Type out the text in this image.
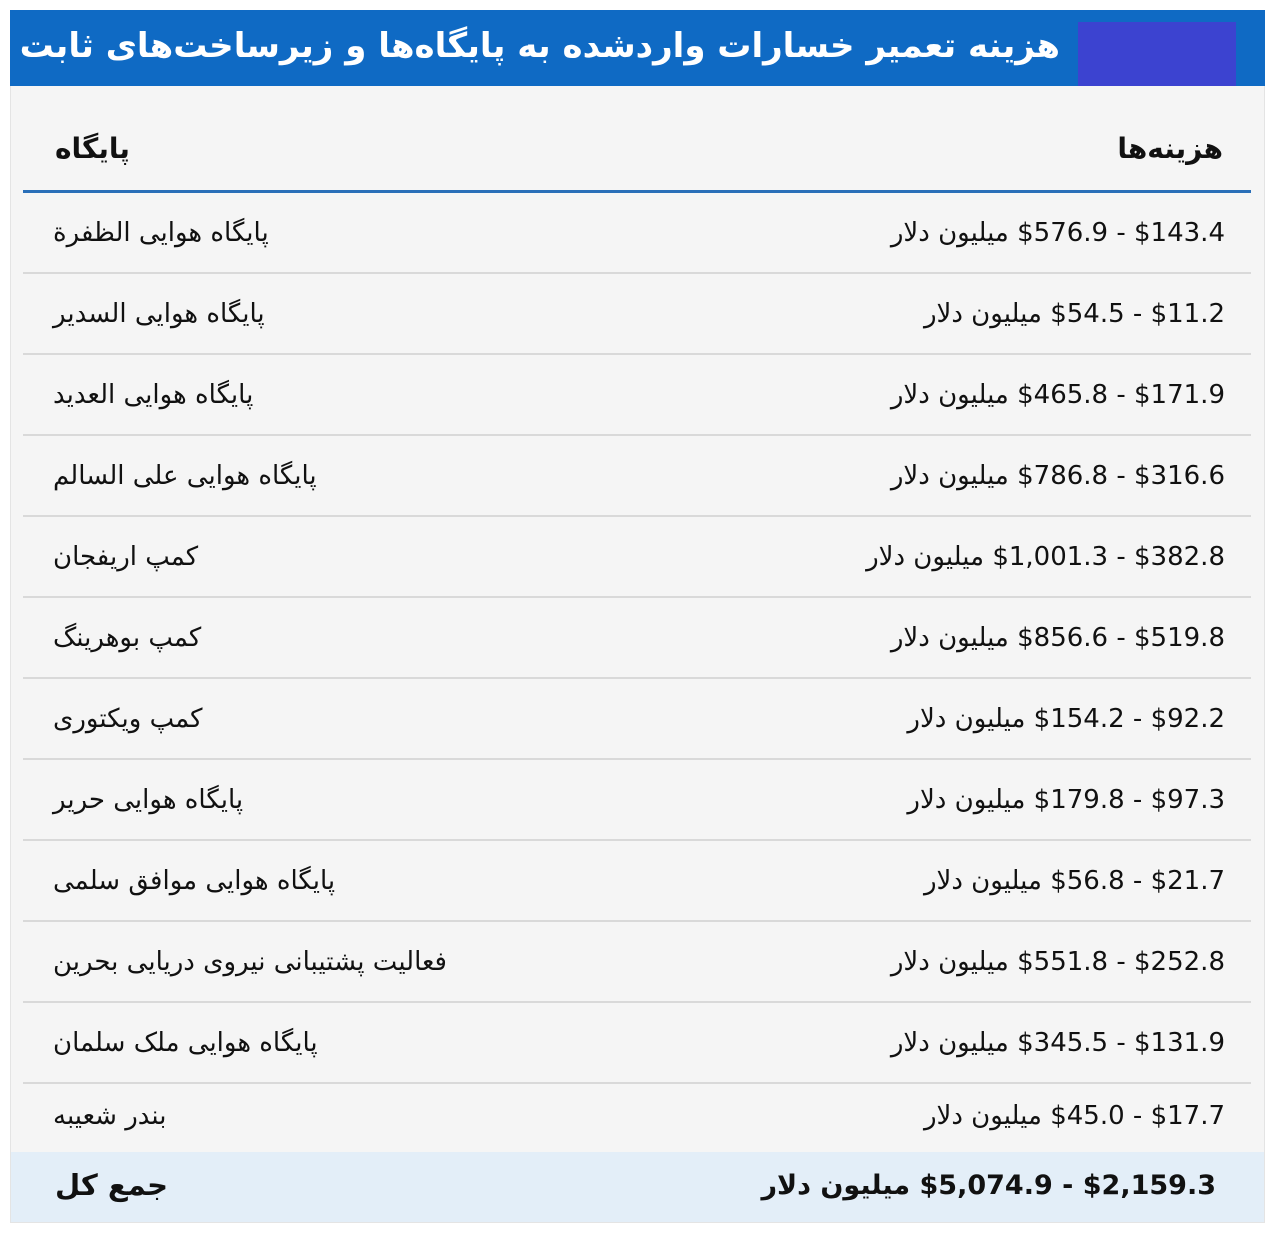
هزینه تعمیر خسارات واردشده به پایگاه‌ها و زیرساخت‌های ثابت
هزینه‌ها
پایگاه
$143.4 - $576.9 میلیون دلار
پایگاه هوایی الظفرة
$11.2 - $54.5 میلیون دلار
پایگاه هوایی السدیر
$171.9 - $465.8 میلیون دلار
پایگاه هوایی العدید
$316.6 - $786.8 میلیون دلار
پایگاه هوایی علی السالم
$382.8 - $1,001.3 میلیون دلار
کمپ اریفجان
$519.8 - $856.6 میلیون دلار
کمپ بوهرینگ
$92.2 - $154.2 میلیون دلار
کمپ ویکتوری
$97.3 - $179.8 میلیون دلار
پایگاه هوایی حریر
$21.7 - $56.8 میلیون دلار
پایگاه هوایی موافق سلمی
$252.8 - $551.8 میلیون دلار
فعالیت پشتیبانی نیروی دریایی بحرین
$131.9 - $345.5 میلیون دلار
پایگاه هوایی ملک سلمان
$17.7 - $45.0 میلیون دلار
بندر شعیبه
$2,159.3 - $5,074.9 میلیون دلار
جمع کل
